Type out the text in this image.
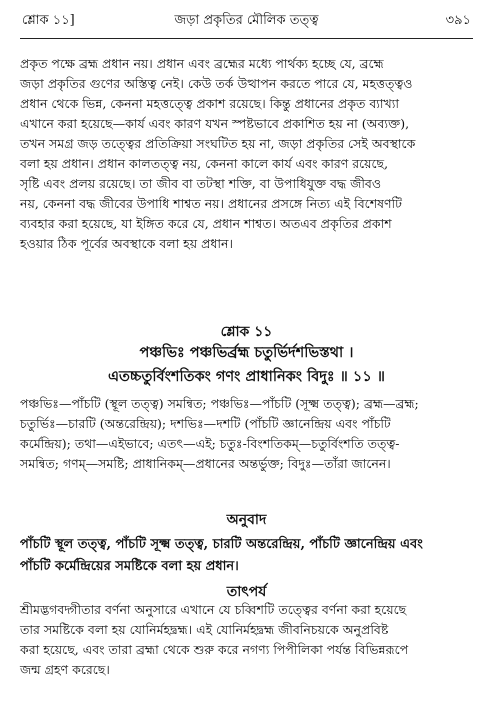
শ্লোক ১১]	জড়া প্রকৃতির মৌলিক তত্ত্ব	৩৯১

প্রকৃত পক্ষে ব্রহ্ম প্রধান নয়। প্রধান এবং ব্রহ্মের মধ্যে পার্থক্য হচ্ছে যে, ব্রহ্মে
জড়া প্রকৃতির গুণের অস্তিত্ব নেই। কেউ তর্ক উত্থাপন করতে পারে যে, মহত্তত্ত্বও
প্রধান থেকে ভিন্ন, কেননা মহত্তত্ত্বে প্রকাশ রয়েছে। কিন্তু প্রধানের প্রকৃত ব্যাখ্যা
এখানে করা হয়েছে—কার্য এবং কারণ যখন স্পষ্টভাবে প্রকাশিত হয় না (অব্যক্ত),
তখন সমগ্র জড় তত্ত্বের প্রতিক্রিয়া সংঘটিত হয় না, জড়া প্রকৃতির সেই অবস্থাকে
বলা হয় প্রধান। প্রধান কালতত্ত্ব নয়, কেননা কালে কার্য এবং কারণ রয়েছে,
সৃষ্টি এবং প্রলয় রয়েছে। তা জীব বা তটস্থা শক্তি, বা উপাধিযুক্ত বদ্ধ জীবও
নয়, কেননা বদ্ধ জীবের উপাধি শাশ্বত নয়। প্রধানের প্রসঙ্গে নিত্য এই বিশেষণটি
ব্যবহার করা হয়েছে, যা ইঙ্গিত করে যে, প্রধান শাশ্বত। অতএব প্রকৃতির প্রকাশ
হওয়ার ঠিক পূর্বের অবস্থাকে বলা হয় প্রধান।

শ্লোক ১১

পঞ্চভিঃ পঞ্চভির্ব্রহ্ম চতুর্ভির্দশভিস্তথা ।

এতচ্চতুর্বিংশতিকং গণং প্রাধানিকং বিদুঃ ॥ ১১ ॥

পঞ্চভিঃ—পাঁচটি (স্থূল তত্ত্ব) সমন্বিত; পঞ্চভিঃ—পাঁচটি (সূক্ষ্ম তত্ত্ব); ব্রহ্ম—ব্রহ্ম;
চতুর্ভিঃ—চারটি (অন্তরেন্দ্রিয়); দশভিঃ—দশটি (পাঁচটি জ্ঞানেন্দ্রিয় এবং পাঁচটি
কর্মেন্দ্রিয়); তথা—এইভাবে; এতৎ—এই; চতুঃ-বিংশতিকম্—চতুর্বিংশতি তত্ত্ব-
সমন্বিত; গণম্—সমষ্টি; প্রাধানিকম্—প্রধানের অন্তর্ভুক্ত; বিদুঃ—তাঁরা জানেন।

অনুবাদ

পাঁচটি স্থূল তত্ত্ব, পাঁচটি সূক্ষ্ম তত্ত্ব, চারটি অন্তরেন্দ্রিয়, পাঁচটি জ্ঞানেন্দ্রিয় এবং
পাঁচটি কর্মেন্দ্রিয়ের সমষ্টিকে বলা হয় প্রধান।

তাৎপর্য

শ্রীমদ্ভগবদ্গীতার বর্ণনা অনুসারে এখানে যে চব্বিশটি তত্ত্বের বর্ণনা করা হয়েছে
তার সমষ্টিকে বলা হয় যোনির্মহদ্ব্রহ্ম। এই যোনির্মহদ্ব্রহ্ম জীবনিচয়কে অনুপ্রবিষ্ট
করা হয়েছে, এবং তারা ব্রহ্মা থেকে শুরু করে নগণ্য পিপীলিকা পর্যন্ত বিভিন্নরূপে
জন্ম গ্রহণ করেছে।
